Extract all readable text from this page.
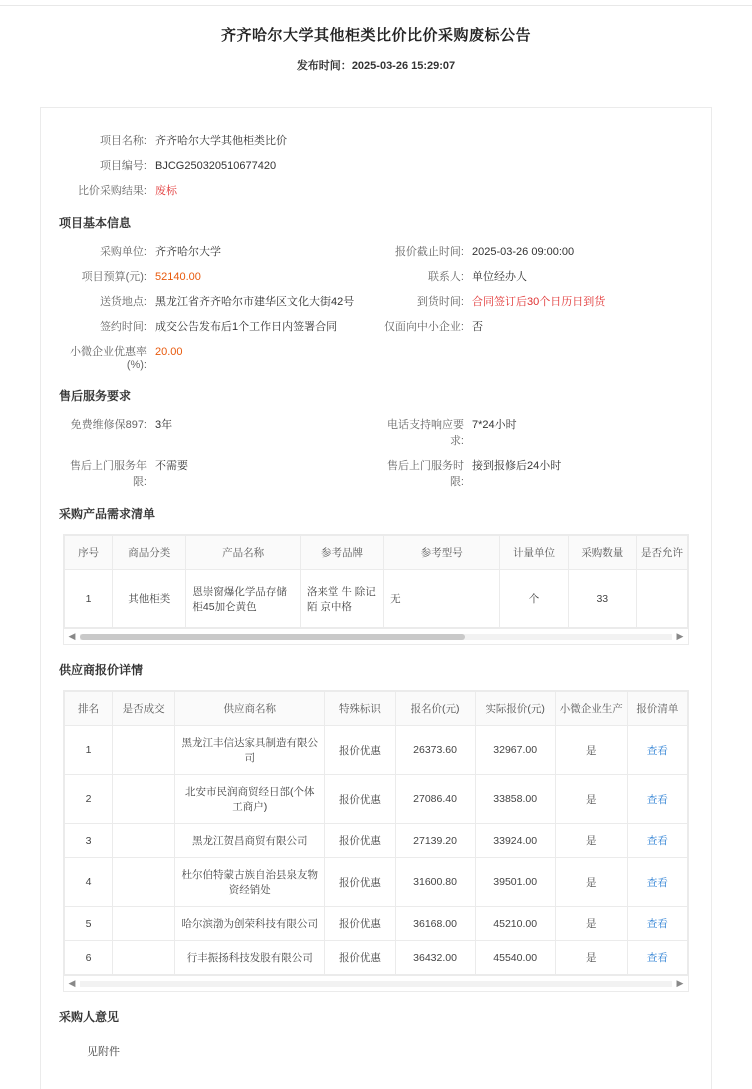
齐齐哈尔大学其他柜类比价比价采购废标公告
发布时间：2025-03-26 15:29:07
项目名称: 齐齐哈尔大学其他柜类比价
项目编号: BJCG250320510677420
比价采购结果: 废标
项目基本信息
采购单位: 齐齐哈尔大学	报价截止时间: 2025-03-26 09:00:00
项目预算(元): 52140.00	联系人: 单位经办人
送货地点: 黑龙江省齐齐哈尔市建华区文化大街42号	到货时间: 合同签订后30个日历日到货
签约时间: 成交公告发布后1个工作日内签署合同	仅面向中小企业: 否
小微企业优惠率(%):
20.00
售后服务要求
免费维修保897: 3年	电话支持响应要求:
7*24小时
售后上门服务年限:
不需要	售后上门服务时限:
接到报修后24小时
采购产品需求清单
序号	商品分类	产品名称	参考品牌	参考型号	计量单位	采购数量	是否允许
1	其他柜类	恩崇窗爆化学品存储柜45加仑黄色	洛来堂 牛 除记陌 京中格	无	个	33	
◀	▶
供应商报价详情
排名	是否成交	供应商名称	特殊标识	报名价(元)	实际报价(元)	小微企业生产	报价清单
1		黑龙江丰信达家具制造有限公司	报价优惠	26373.60	32967.00	是	查看
2		北安市民润商贸经日部(个体工商户)	报价优惠	27086.40	33858.00	是	查看
3		黑龙江贺昌商贸有限公司	报价优惠	27139.20	33924.00	是	查看
4		杜尔伯特蒙古族自治县泉友物资经销处	报价优惠	31600.80	39501.00	是	查看
5		哈尔滨渤为创荣科技有限公司	报价优惠	36168.00	45210.00	是	查看
6		行丰振扬科技发股有限公司	报价优惠	36432.00	45540.00	是	查看
◀	▶
采购人意见
见附件
